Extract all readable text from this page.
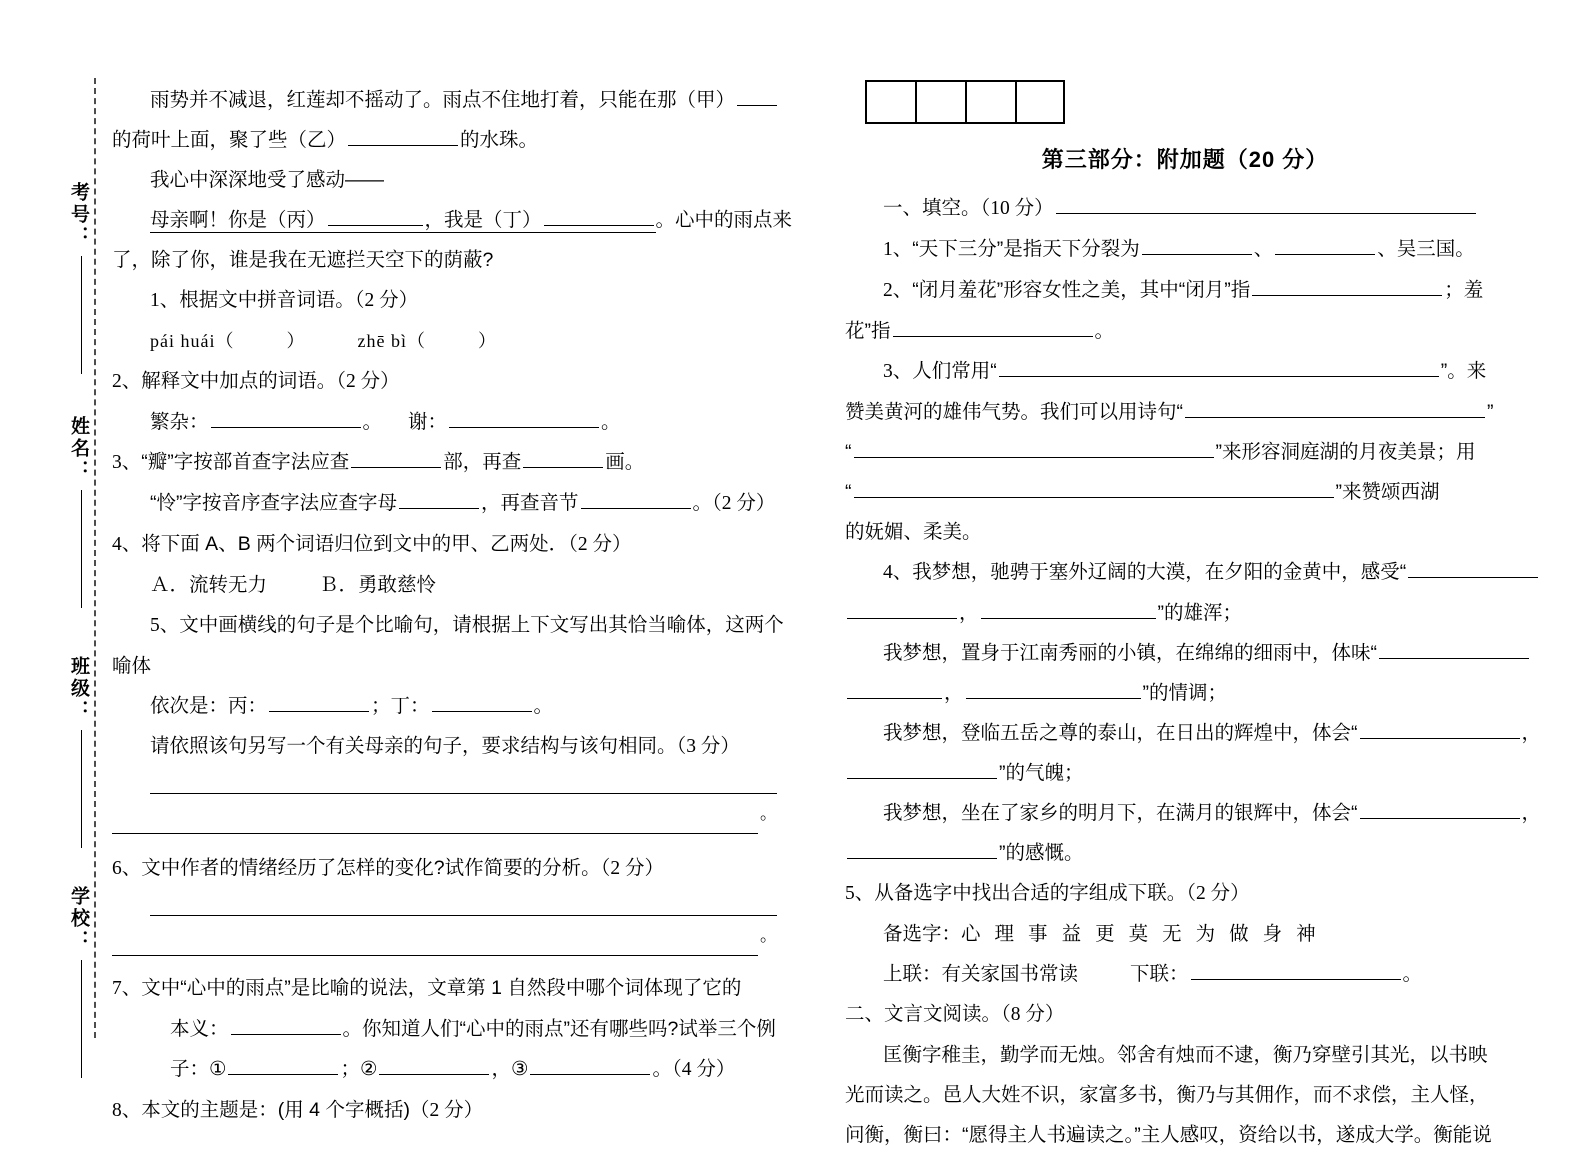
考号：
姓名：
班级：
学校：
雨势并不减退，红莲却不摇动了。雨点不住地打着，只能在那（甲）
的荷叶上面，聚了些（乙）	的水珠。
我心中深深地受了感动——
母亲啊！你是（丙）	，我是（丁）	。心中的雨点来
了，除了你，谁是我在无遮拦天空下的荫蔽?
1、根据文中拼音词语。（2 分）
pái huái（	）	zhē bì（	）
2、解释文中加点的词语。（2 分）
繁杂：	。 谢：	。
3、“瓣”字按部首查字法应查	部，再查	画。
“怜”字按音序查字法应查字母	，再查音节	。（2 分）
4、将下面 A、B 两个词语归位到文中的甲、乙两处．（2 分）
Ａ．流转无力	Ｂ．勇敢慈怜
5、文中画横线的句子是个比喻句，请根据上下文写出其恰当喻体，这两个
喻体
依次是：丙：	；丁：	。
请依照该句另写一个有关母亲的句子，要求结构与该句相同。（3 分）
。
6、文中作者的情绪经历了怎样的变化?试作简要的分析。（2 分）
。
7、文中“心中的雨点”是比喻的说法，文章第 1 自然段中哪个词体现了它的
本义：	。你知道人们“心中的雨点”还有哪些吗?试举三个例
子：①	；②	，③	。（4 分）
8、本文的主题是：(用 4 个字概括)（2 分）
第三部分：附加题（20 分）
一、填空。（10 分）
1、“天下三分”是指天下分裂为	、	、吴三国。
2、“闭月羞花”形容女性之美，其中“闭月”指	；羞
花”指	。
3、人们常用“	”。来
赞美黄河的雄伟气势。我们可以用诗句“	”
“	”来形容洞庭湖的月夜美景；用
“	”来赞颂西湖
的妩媚、柔美。
4、我梦想，驰骋于塞外辽阔的大漠，在夕阳的金黄中，感受“
，	”的雄浑；
我梦想，置身于江南秀丽的小镇，在绵绵的细雨中，体味“
，	”的情调；
我梦想，登临五岳之尊的泰山，在日出的辉煌中，体会“	，
”的气魄；
我梦想，坐在了家乡的明月下，在满月的银辉中，体会“	，
”的感慨。
5、从备选字中找出合适的字组成下联。（2 分）
备选字：心 理 事 益 更 莫 无 为 做 身 神
上联：有关家国书常读	下联：	。
二、文言文阅读。（8 分）
匡衡字稚圭，勤学而无烛。邻舍有烛而不逮，衡乃穿壁引其光，以书映
光而读之。邑人大姓不识，家富多书，衡乃与其佣作，而不求偿，主人怪，
问衡，衡曰：“愿得主人书遍读之。”主人感叹，资给以书，遂成大学。衡能说
